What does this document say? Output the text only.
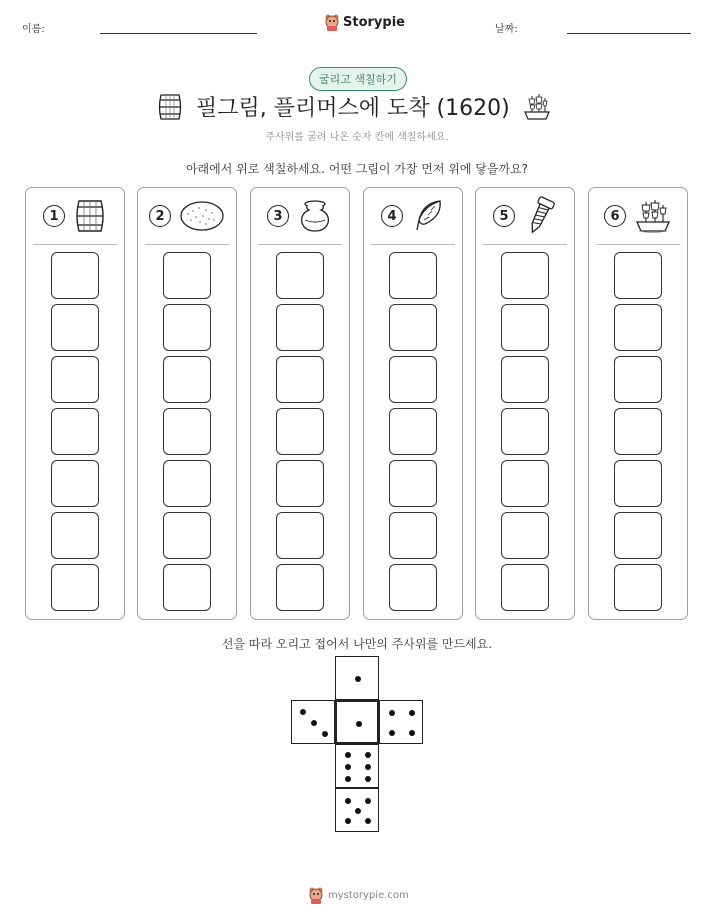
이름:	Storypie	날짜:
굴리고 색칠하기
필그림, 플리머스에 도착 (1620)
주사위를 굴려 나온 숫자 칸에 색칠하세요.
아래에서 위로 색칠하세요. 어떤 그림이 가장 먼저 위에 닿을까요?
1	2	3	4	5	6
선을 따라 오리고 접어서 나만의 주사위를 만드세요.
mystorypie.com
